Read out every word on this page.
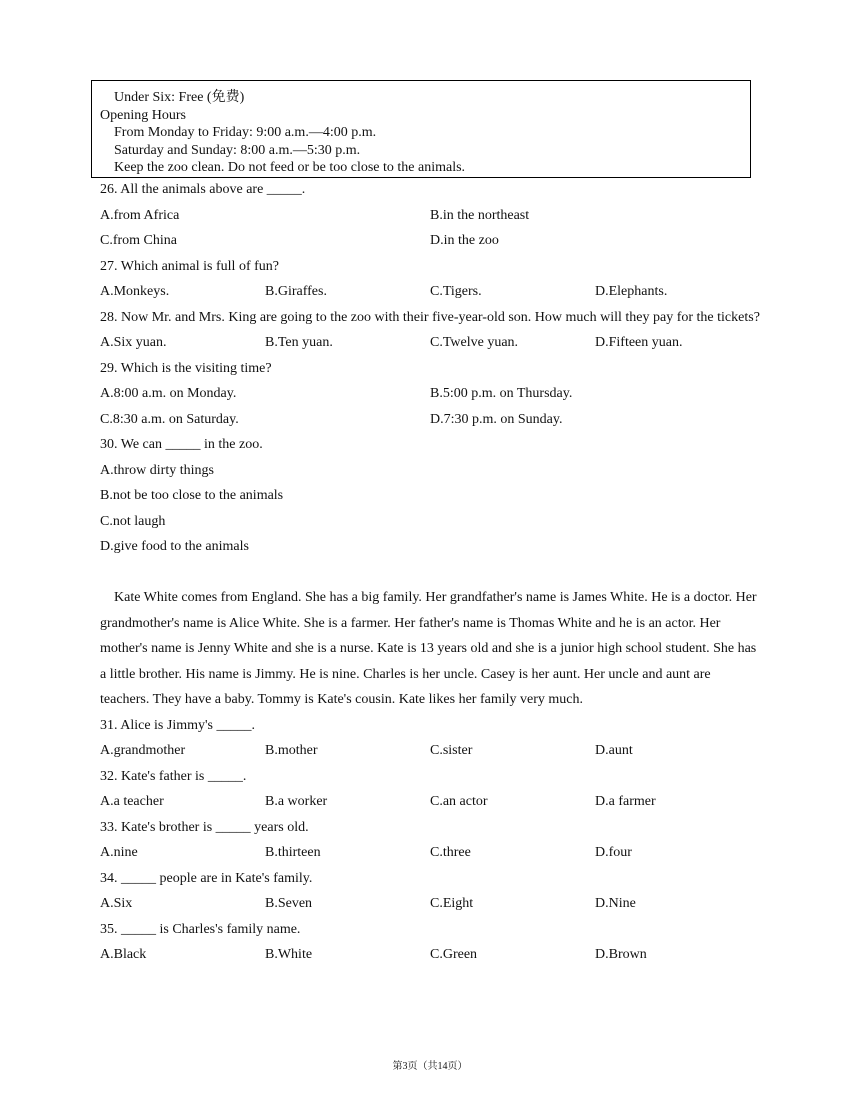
Under Six: Free (免费)
Opening Hours
From Monday to Friday: 9:00 a.m.—4:00 p.m.
Saturday and Sunday: 8:00 a.m.—5:30 p.m.
Keep the zoo clean. Do not feed or be too close to the animals.
26. All the animals above are _____.
A.from Africa	B.in the northeast
C.from China	D.in the zoo
27. Which animal is full of fun?
A.Monkeys.	B.Giraffes.	C.Tigers.	D.Elephants.
28. Now Mr. and Mrs. King are going to the zoo with their five-year-old son. How much will they pay for the tickets?
A.Six yuan.	B.Ten yuan.	C.Twelve yuan.	D.Fifteen yuan.
29. Which is the visiting time?
A.8:00 a.m. on Monday.	B.5:00 p.m. on Thursday.
C.8:30 a.m. on Saturday.	D.7:30 p.m. on Sunday.
30. We can _____ in the zoo.
A.throw dirty things
B.not be too close to the animals
C.not laugh
D.give food to the animals
Kate White comes from England. She has a big family. Her grandfather's name is James White. He is a doctor. Her grandmother's name is Alice White. She is a farmer. Her father's name is Thomas White and he is an actor. Her mother's name is Jenny White and she is a nurse. Kate is 13 years old and she is a junior high school student. She has a little brother. His name is Jimmy. He is nine. Charles is her uncle. Casey is her aunt. Her uncle and aunt are teachers. They have a baby. Tommy is Kate's cousin. Kate likes her family very much.
31. Alice is Jimmy's _____.
A.grandmother	B.mother	C.sister	D.aunt
32. Kate's father is _____.
A.a teacher	B.a worker	C.an actor	D.a farmer
33. Kate's brother is _____ years old.
A.nine	B.thirteen	C.three	D.four
34. _____ people are in Kate's family.
A.Six	B.Seven	C.Eight	D.Nine
35. _____ is Charles's family name.
A.Black	B.White	C.Green	D.Brown
第3页（共14页）
